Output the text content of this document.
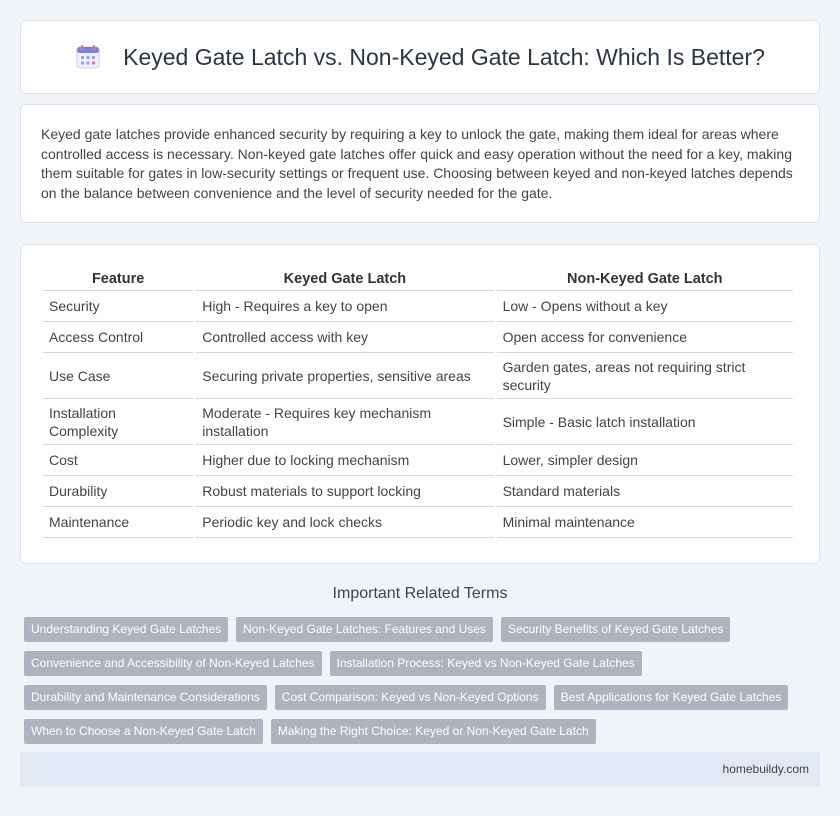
Keyed Gate Latch vs. Non-Keyed Gate Latch: Which Is Better?

Keyed gate latches provide enhanced security by requiring a key to unlock the gate, making them ideal for areas where controlled access is necessary. Non-keyed gate latches offer quick and easy operation without the need for a key, making them suitable for gates in low-security settings or frequent use. Choosing between keyed and non-keyed latches depends on the balance between convenience and the level of security needed for the gate.

Feature	Keyed Gate Latch	Non-Keyed Gate Latch
Security	High - Requires a key to open	Low - Opens without a key
Access Control	Controlled access with key	Open access for convenience
Use Case	Securing private properties, sensitive areas	Garden gates, areas not requiring strict security
Installation Complexity	Moderate - Requires key mechanism installation	Simple - Basic latch installation
Cost	Higher due to locking mechanism	Lower, simpler design
Durability	Robust materials to support locking	Standard materials
Maintenance	Periodic key and lock checks	Minimal maintenance
Important Related Terms
Understanding Keyed Gate Latches	Non-Keyed Gate Latches: Features and Uses	Security Benefits of Keyed Gate Latches
Convenience and Accessibility of Non-Keyed Latches	Installation Process: Keyed vs Non-Keyed Gate Latches
Durability and Maintenance Considerations	Cost Comparison: Keyed vs Non-Keyed Options	Best Applications for Keyed Gate Latches
When to Choose a Non-Keyed Gate Latch	Making the Right Choice: Keyed or Non-Keyed Gate Latch
homebuildy.com
